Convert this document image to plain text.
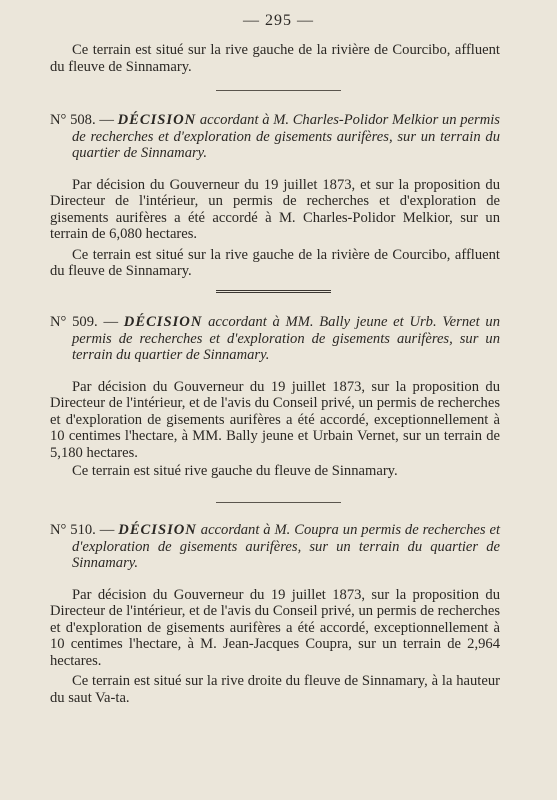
— 295 —

Ce terrain est situé sur la rive gauche de la rivière de Courcibo, affluent du fleuve de Sinnamary.

N° 508. — DÉCISION accordant à M. Charles-Polidor Melkior un permis de recherches et d'exploration de gisements aurifères, sur un terrain du quartier de Sinnamary.

Par décision du Gouverneur du 19 juillet 1873, et sur la proposition du Directeur de l'intérieur, un permis de recherches et d'exploration de gisements aurifères a été accordé à M. Charles-Polidor Melkior, sur un terrain de 6,080 hectares.

Ce terrain est situé sur la rive gauche de la rivière de Courcibo, affluent du fleuve de Sinnamary.

N° 509. — DÉCISION accordant à MM. Bally jeune et Urb. Vernet un permis de recherches et d'exploration de gisements aurifères, sur un terrain du quartier de Sinnamary.

Par décision du Gouverneur du 19 juillet 1873, sur la proposition du Directeur de l'intérieur, et de l'avis du Conseil privé, un permis de recherches et d'exploration de gisements aurifères a été accordé, exceptionnellement à 10 centimes l'hectare, à MM. Bally jeune et Urbain Vernet, sur un terrain de 5,180 hectares.

Ce terrain est situé rive gauche du fleuve de Sinnamary.

N° 510. — DÉCISION accordant à M. Coupra un permis de recherches et d'exploration de gisements aurifères, sur un terrain du quartier de Sinnamary.

Par décision du Gouverneur du 19 juillet 1873, sur la proposition du Directeur de l'intérieur, et de l'avis du Conseil privé, un permis de recherches et d'exploration de gisements aurifères a été accordé, exceptionnellement à 10 centimes l'hectare, à M. Jean-Jacques Coupra, sur un terrain de 2,964 hectares.

Ce terrain est situé sur la rive droite du fleuve de Sinnamary, à la hauteur du saut Va-ta.
